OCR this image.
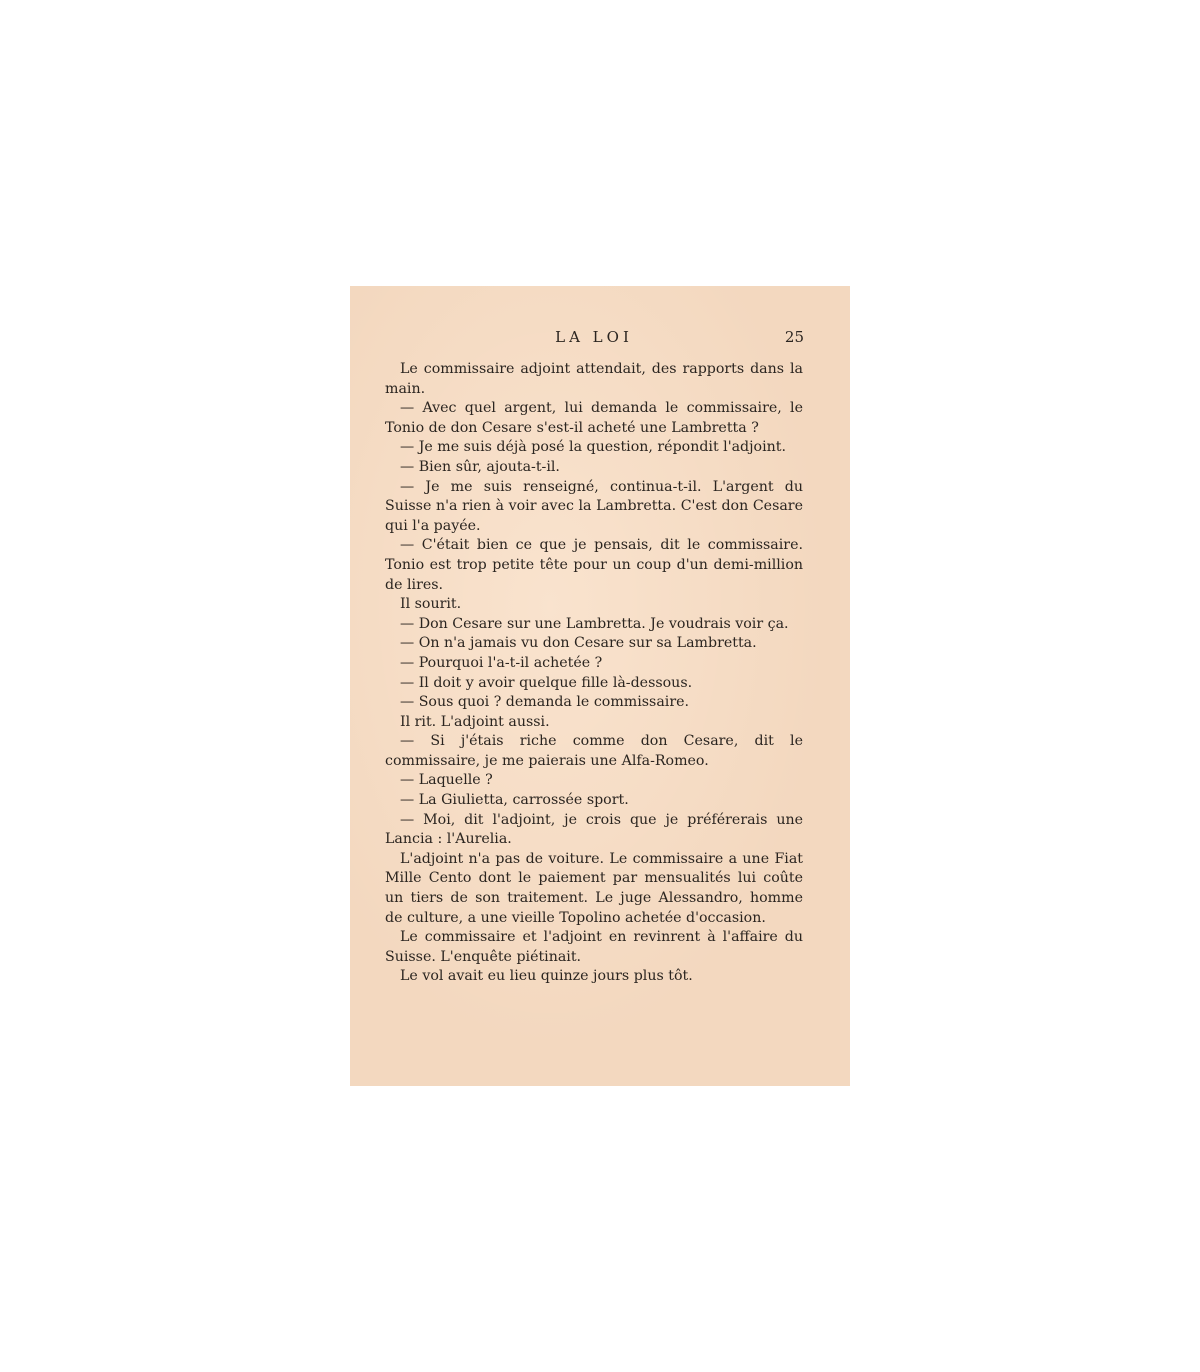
LA LOI	25

Le commissaire adjoint attendait, des rapports dans la main.

— Avec quel argent, lui demanda le commissaire, le Tonio de don Cesare s'est-il acheté une Lambretta ?

— Je me suis déjà posé la question, répondit l'adjoint.

— Bien sûr, ajouta-t-il.

— Je me suis renseigné, continua-t-il. L'argent du Suisse n'a rien à voir avec la Lambretta. C'est don Cesare qui l'a payée.

— C'était bien ce que je pensais, dit le commissaire. Tonio est trop petite tête pour un coup d'un demi-million de lires.

Il sourit.

— Don Cesare sur une Lambretta. Je voudrais voir ça.

— On n'a jamais vu don Cesare sur sa Lambretta.

— Pourquoi l'a-t-il achetée ?

— Il doit y avoir quelque fille là-dessous.

— Sous quoi ? demanda le commissaire.

Il rit. L'adjoint aussi.

— Si j'étais riche comme don Cesare, dit le commissaire, je me paierais une Alfa-Romeo.

— Laquelle ?

— La Giulietta, carrossée sport.

— Moi, dit l'adjoint, je crois que je préférerais une Lancia : l'Aurelia.

L'adjoint n'a pas de voiture. Le commissaire a une Fiat Mille Cento dont le paiement par mensualités lui coûte un tiers de son traitement. Le juge Alessandro, homme de culture, a une vieille Topolino achetée d'occasion.

Le commissaire et l'adjoint en revinrent à l'affaire du Suisse. L'enquête piétinait.

Le vol avait eu lieu quinze jours plus tôt.
